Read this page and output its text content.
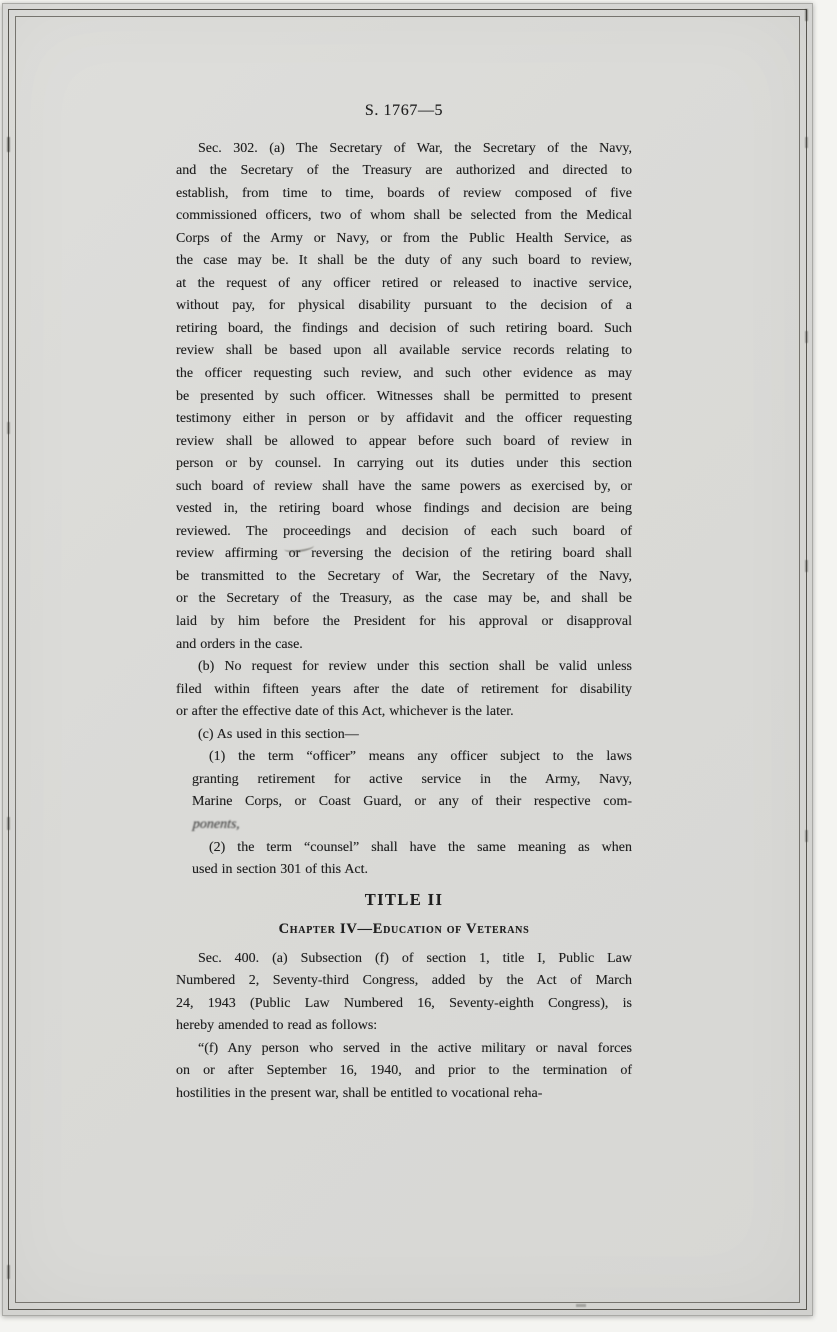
S. 1767—5
Sec. 302. (a) The Secretary of War, the Secretary of the Navy,
and the Secretary of the Treasury are authorized and directed to
establish, from time to time, boards of review composed of five
commissioned officers, two of whom shall be selected from the Medical
Corps of the Army or Navy, or from the Public Health Service, as
the case may be. It shall be the duty of any such board to review,
at the request of any officer retired or released to inactive service,
without pay, for physical disability pursuant to the decision of a
retiring board, the findings and decision of such retiring board. Such
review shall be based upon all available service records relating to
the officer requesting such review, and such other evidence as may
be presented by such officer. Witnesses shall be permitted to present
testimony either in person or by affidavit and the officer requesting
review shall be allowed to appear before such board of review in
person or by counsel. In carrying out its duties under this section
such board of review shall have the same powers as exercised by, or
vested in, the retiring board whose findings and decision are being
reviewed. The proceedings and decision of each such board of
review affirming or reversing the decision of the retiring board shall
be transmitted to the Secretary of War, the Secretary of the Navy,
or the Secretary of the Treasury, as the case may be, and shall be
laid by him before the President for his approval or disapproval
and orders in the case.
(b) No request for review under this section shall be valid unless
filed within fifteen years after the date of retirement for disability
or after the effective date of this Act, whichever is the later.
(c) As used in this section—
(1) the term “officer” means any officer subject to the laws
granting retirement for active service in the Army, Navy,
Marine Corps, or Coast Guard, or any of their respective com-
ponents,
(2) the term “counsel” shall have the same meaning as when
used in section 301 of this Act.
TITLE II
Chapter IV—Education of Veterans
Sec. 400. (a) Subsection (f) of section 1, title I, Public Law
Numbered 2, Seventy-third Congress, added by the Act of March
24, 1943 (Public Law Numbered 16, Seventy-eighth Congress), is
hereby amended to read as follows:
“(f) Any person who served in the active military or naval forces
on or after September 16, 1940, and prior to the termination of
hostilities in the present war, shall be entitled to vocational reha-
